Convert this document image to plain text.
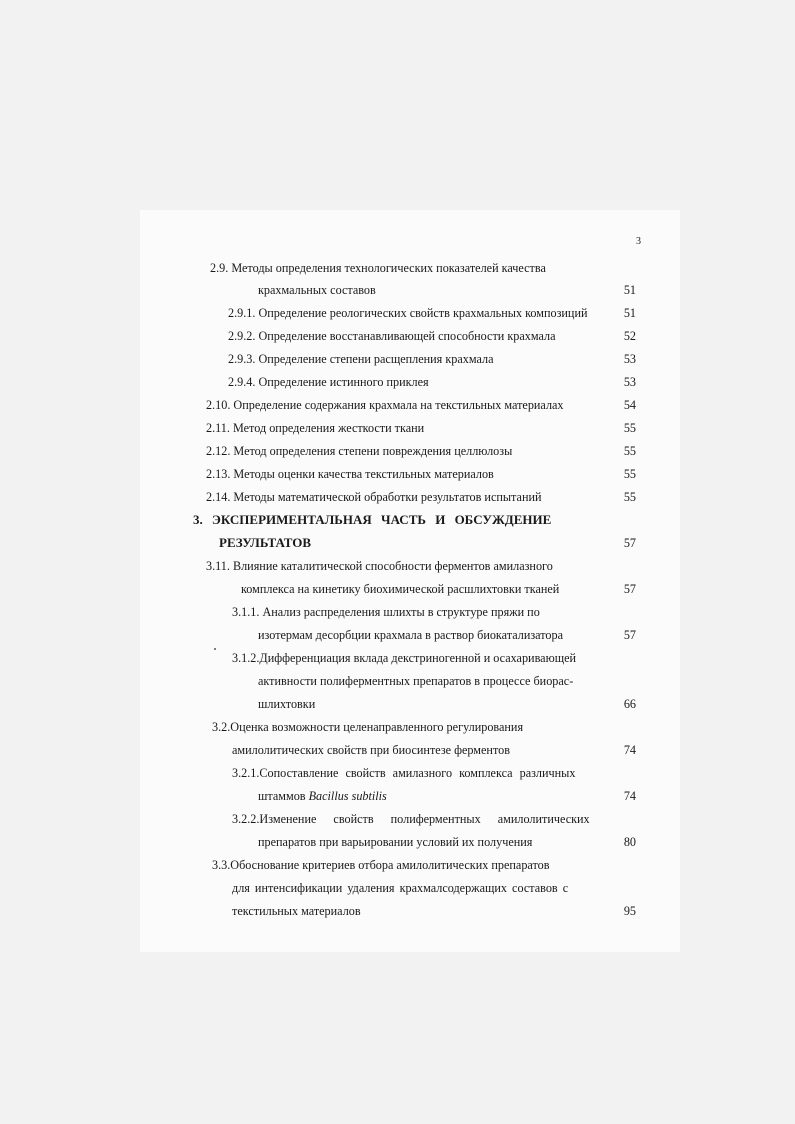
3
2.9. Методы определения технологических показателей качества
крахмальных составов	51
2.9.1. Определение реологических свойств крахмальных композиций	51
2.9.2. Определение восстанавливающей способности крахмала	52
2.9.3. Определение степени расщепления крахмала	53
2.9.4. Определение истинного приклея	53
2.10. Определение содержания крахмала на текстильных материалах	54
2.11. Метод определения жесткости ткани	55
2.12. Метод определения степени повреждения целлюлозы	55
2.13. Методы оценки качества текстильных материалов	55
2.14. Методы математической обработки результатов испытаний	55
3. ЭКСПЕРИМЕНТАЛЬНАЯ ЧАСТЬ И ОБСУЖДЕНИЕ
РЕЗУЛЬТАТОВ	57
3.11. Влияние каталитической способности ферментов амилазного
комплекса на кинетику биохимической расшлихтовки тканей	57
3.1.1. Анализ распределения шлихты в структуре пряжи по
изотермам десорбции крахмала в раствор биокатализатора	57
3.1.2.Дифференциация вклада декстриногенной и осахаривающей
активности полиферментных препаратов в процессе биорас-
шлихтовки	66
3.2.Оценка возможности целенаправленного регулирования
амилолитических свойств при биосинтезе ферментов	74
3.2.1.Сопоставление свойств амилазного комплекса различных
штаммов Bacillus subtilis	74
3.2.2.Изменение свойств полиферментных амилолитических
препаратов при варьировании условий их получения	80
3.3.Обоснование критериев отбора амилолитических препаратов
для интенсификации удаления крахмалсодержащих составов с
текстильных материалов	95
